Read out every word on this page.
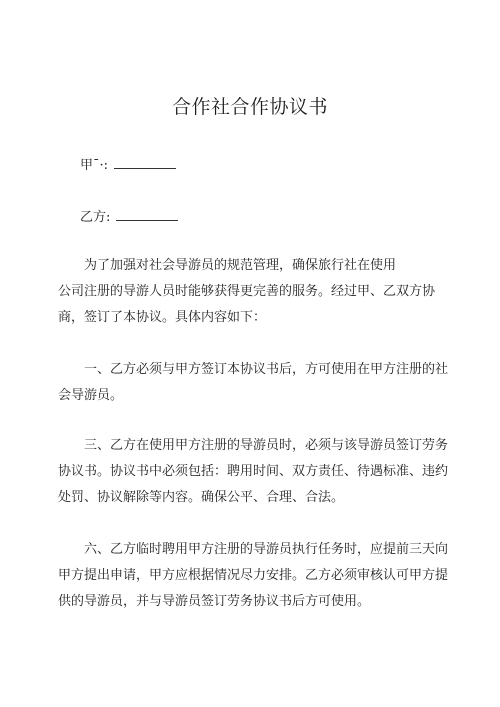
合作社合作协议书
甲ˉ·:
乙方:
为了加强对社会导游员的规范管理，确保旅行社在使用
公司注册的导游人员时能够获得更完善的服务。经过甲、乙双方协
商，签订了本协议。具体内容如下：
一、乙方必须与甲方签订本协议书后，方可使用在甲方注册的社
会导游员。
三、乙方在使用甲方注册的导游员时，必须与该导游员签订劳务
协议书。协议书中必须包括：聘用时间、双方责任、待遇标准、违约
处罚、协议解除等内容。确保公平、合理、合法。
六、乙方临时聘用甲方注册的导游员执行任务时，应提前三天向
甲方提出申请，甲方应根据情况尽力安排。乙方必须审核认可甲方提
供的导游员，并与导游员签订劳务协议书后方可使用。
